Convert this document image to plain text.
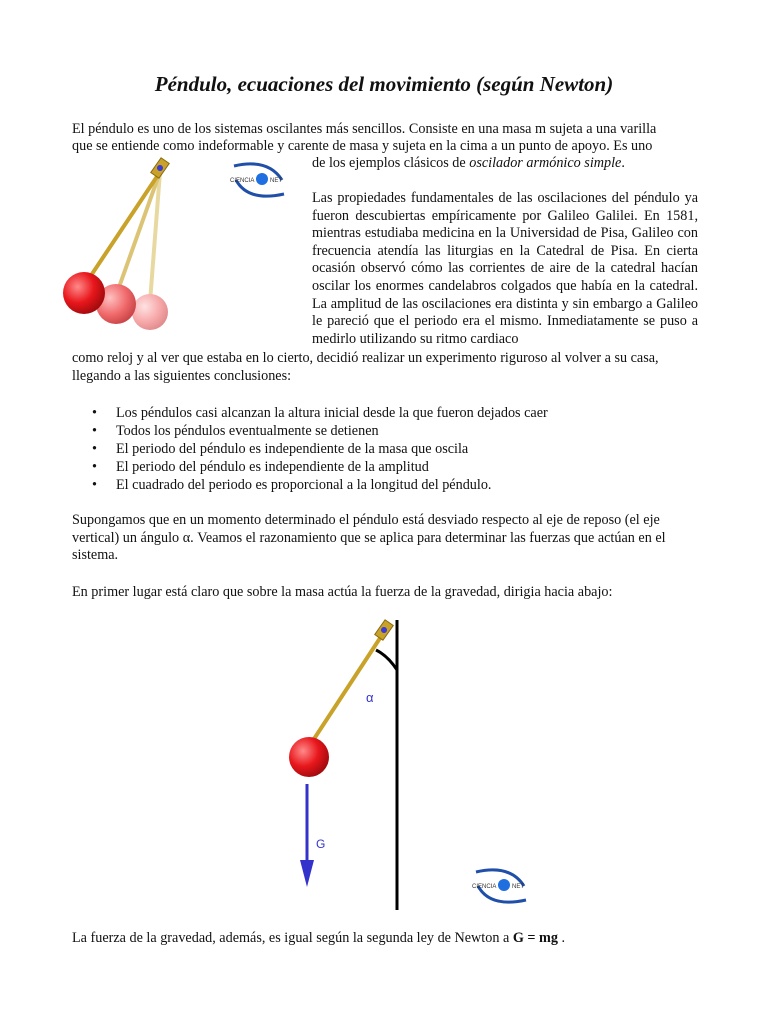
Péndulo, ecuaciones del movimiento (según Newton)

El péndulo es uno de los sistemas oscilantes más sencillos. Consiste en una masa m sujeta a una varilla

que se entiende como indeformable y carente de masa y sujeta en la cima a un punto de apoyo. Es uno

de los ejemplos clásicos de oscilador armónico simple.

CIENCIA	NET

Las propiedades fundamentales de las oscilaciones del péndulo ya fueron descubiertas empíricamente por Galileo Galilei. En 1581, mientras estudiaba medicina en la Universidad de Pisa, Galileo con frecuencia atendía las liturgias en la Catedral de Pisa. En cierta ocasión observó cómo las corrientes de aire de la catedral hacían oscilar los enormes candelabros colgados que había en la catedral. La amplitud de las oscilaciones era distinta y sin embargo a Galileo le pareció que el periodo era el mismo. Inmediatamente se puso a medirlo utilizando su ritmo cardiaco

como reloj y al ver que estaba en lo cierto, decidió realizar un experimento riguroso al volver a su casa,

llegando a las siguientes conclusiones:

• Los péndulos casi alcanzan la altura inicial desde la que fueron dejados caer
• Todos los péndulos eventualmente se detienen
• El periodo del péndulo es independiente de la masa que oscila
• El periodo del péndulo es independiente de la amplitud
• El cuadrado del periodo es proporcional a la longitud del péndulo.

Supongamos que en un momento determinado el péndulo está desviado respecto al eje de reposo (el eje vertical) un ángulo α. Veamos el razonamiento que se aplica para determinar las fuerzas que actúan en el sistema.

En primer lugar está claro que sobre la masa actúa la fuerza de la gravedad, dirigia hacia abajo:

α
G
CIENCIA	NET

La fuerza de la gravedad, además, es igual según la segunda ley de Newton a G = mg .
